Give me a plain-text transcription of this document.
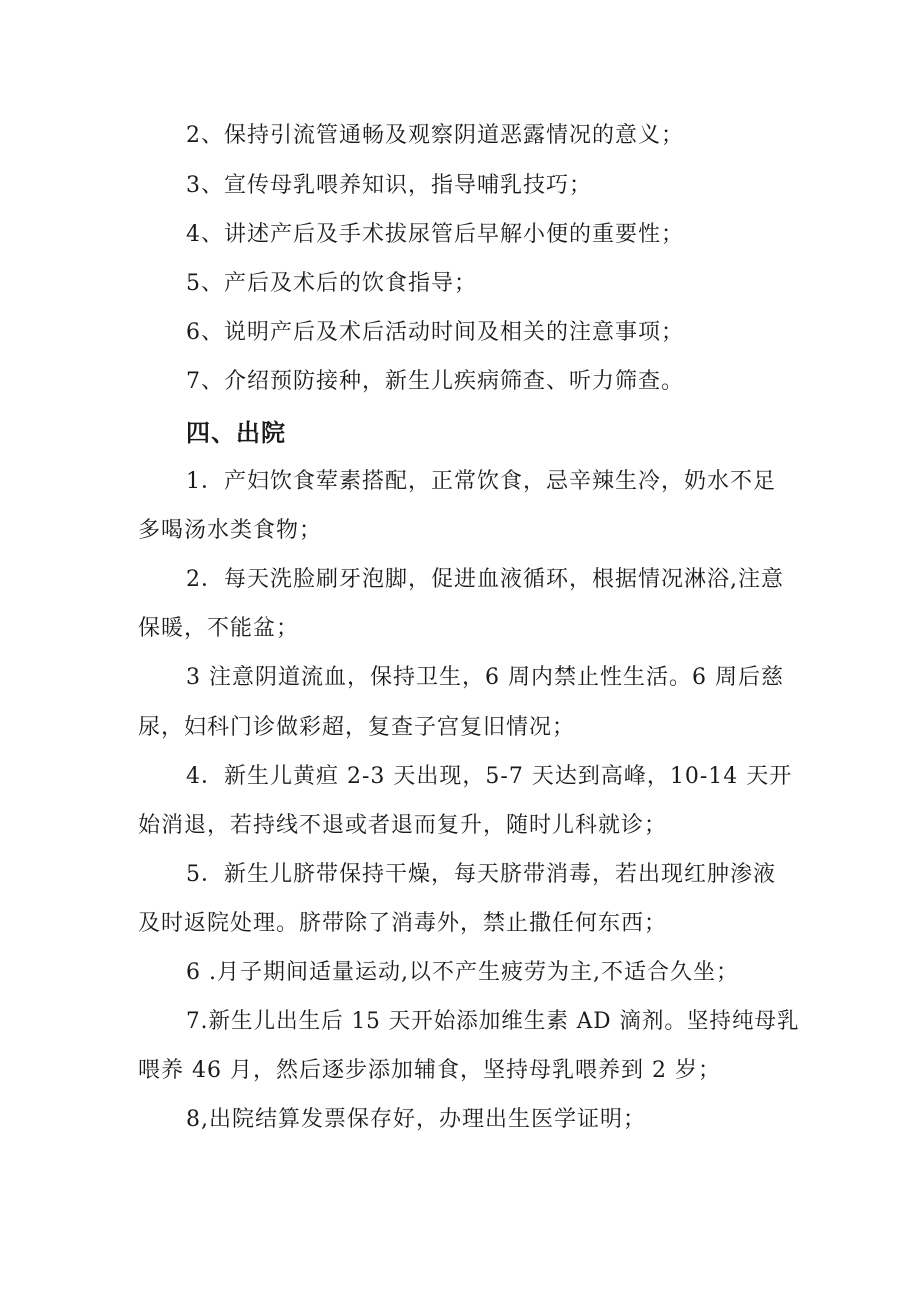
2、保持引流管通畅及观察阴道恶露情况的意义；
3、宣传母乳喂养知识，指导哺乳技巧；
4、讲述产后及手术拔尿管后早解小便的重要性；
5、产后及术后的饮食指导；
6、说明产后及术后活动时间及相关的注意事项；
7、介绍预防接种，新生儿疾病筛查、听力筛查。
四、出院
1．产妇饮食荤素搭配，正常饮食，忌辛辣生冷，奶水不足
多喝汤水类食物；
2．每天洗脸刷牙泡脚，促进血液循环，根据情况淋浴,注意
保暖，不能盆；
3 注意阴道流血，保持卫生，6 周内禁止性生活。6 周后慈
尿，妇科门诊做彩超，复查子宫复旧情况；
4．新生儿黄疸 2-3 天出现，5-7 天达到高峰，10-14 天开
始消退，若持线不退或者退而复升，随时儿科就诊；
5．新生儿脐带保持干燥，每天脐带消毒，若出现红肿渗液
及时返院处理。脐带除了消毒外，禁止撒任何东西；
6 .月子期间适量运动,以不产生疲劳为主,不适合久坐；
7.新生儿出生后 15 天开始添加维生素 AD 滴剂。坚持纯母乳
喂养 46 月，然后逐步添加辅食，坚持母乳喂养到 2 岁；
8,出院结算发票保存好，办理出生医学证明；
